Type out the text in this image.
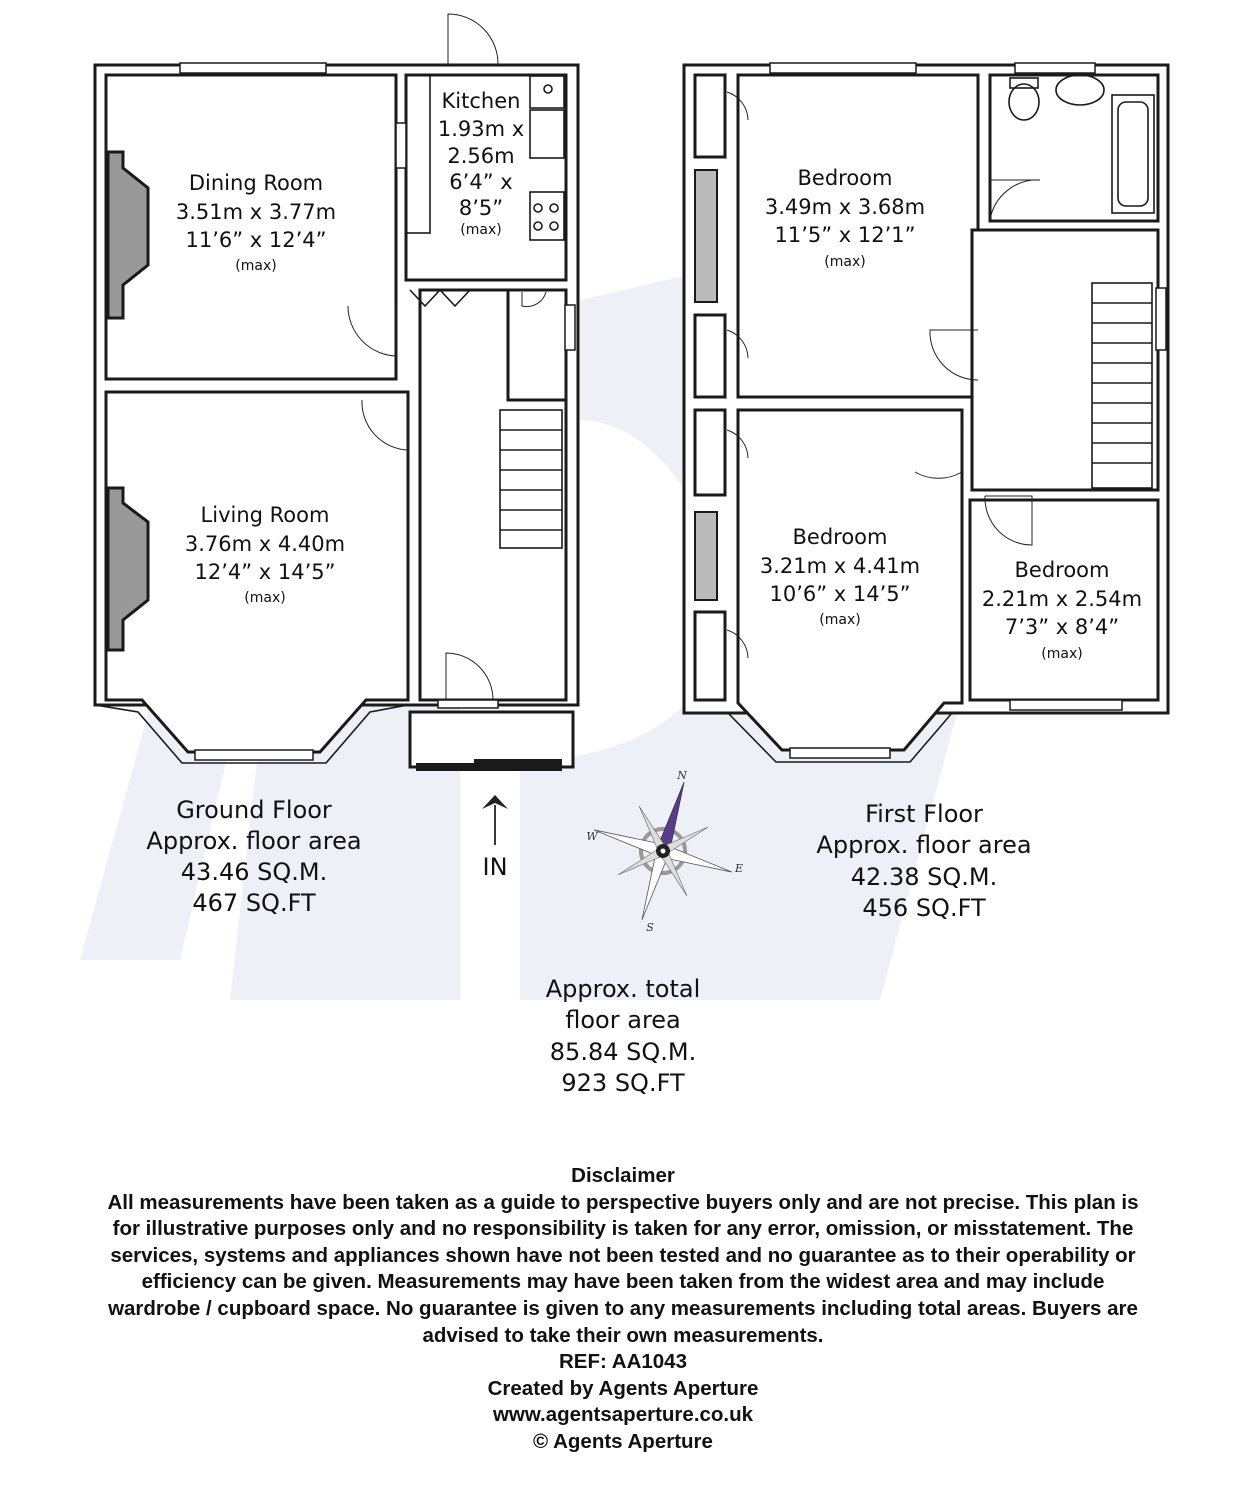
Kitchen
1.93m x
2.56m
6’4” x
8’5”
(max)
Dining Room
3.51m x 3.77m
11’6” x 12’4”
(max)
Living Room
3.76m x 4.40m
12’4” x 14’5”
(max)
IN
Ground Floor
Approx. floor area
43.46 SQ.M.
467 SQ.FT
Bedroom
3.49m x 3.68m
11’5” x 12’1”
(max)
Bedroom
3.21m x 4.41m
10’6” x 14’5”
(max)
Bedroom
2.21m x 2.54m
7’3” x 8’4”
(max)
First Floor
Approx. floor area
42.38 SQ.M.
456 SQ.FT
N
E
S
W
Approx. total
floor area
85.84 SQ.M.
923 SQ.FT
Disclaimer
All measurements have been taken as a guide to perspective buyers only and are not precise. This plan is
for illustrative purposes only and no responsibility is taken for any error, omission, or misstatement. The
services, systems and appliances shown have not been tested and no guarantee as to their operability or
efficiency can be given. Measurements may have been taken from the widest area and may include
wardrobe / cupboard space. No guarantee is given to any measurements including total areas. Buyers are
advised to take their own measurements.
REF: AA1043
Created by Agents Aperture
www.agentsaperture.co.uk
© Agents Aperture
